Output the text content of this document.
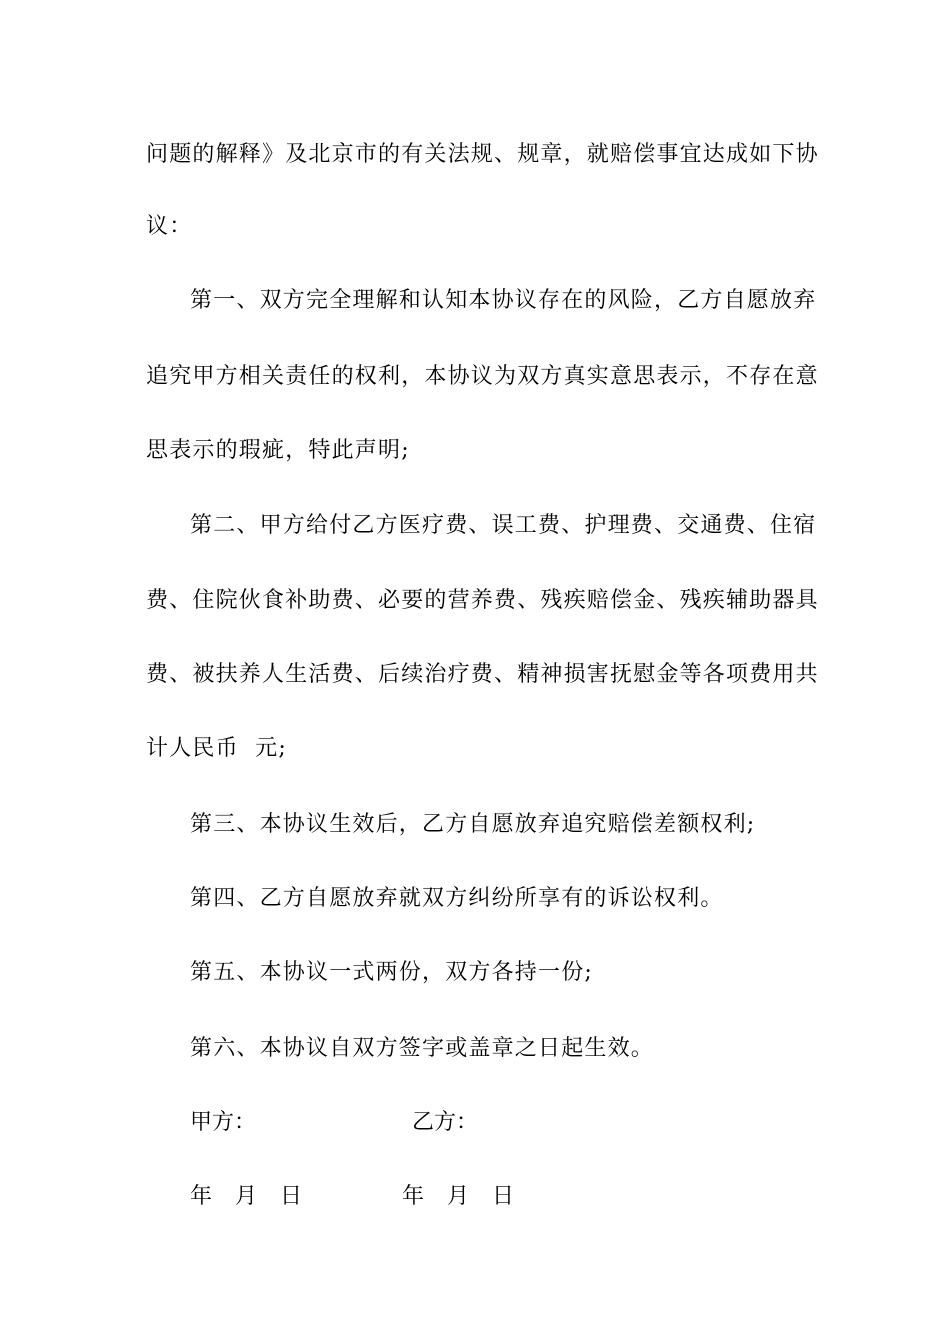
问题的解释》及北京市的有关法规、规章，就赔偿事宜达成如下协
议：
第一、双方完全理解和认知本协议存在的风险，乙方自愿放弃
追究甲方相关责任的权利，本协议为双方真实意思表示，不存在意
思表示的瑕疵，特此声明;
第二、甲方给付乙方医疗费、误工费、护理费、交通费、住宿
费、住院伙食补助费、必要的营养费、残疾赔偿金、残疾辅助器具
费、被扶养人生活费、后续治疗费、精神损害抚慰金等各项费用共
计人民币  元;
第三、本协议生效后，乙方自愿放弃追究赔偿差额权利;
第四、乙方自愿放弃就双方纠纷所享有的诉讼权利。
第五、本协议一式两份，双方各持一份;
第六、本协议自双方签字或盖章之日起生效。
甲方：	乙方：
年 月 日	年 月 日
